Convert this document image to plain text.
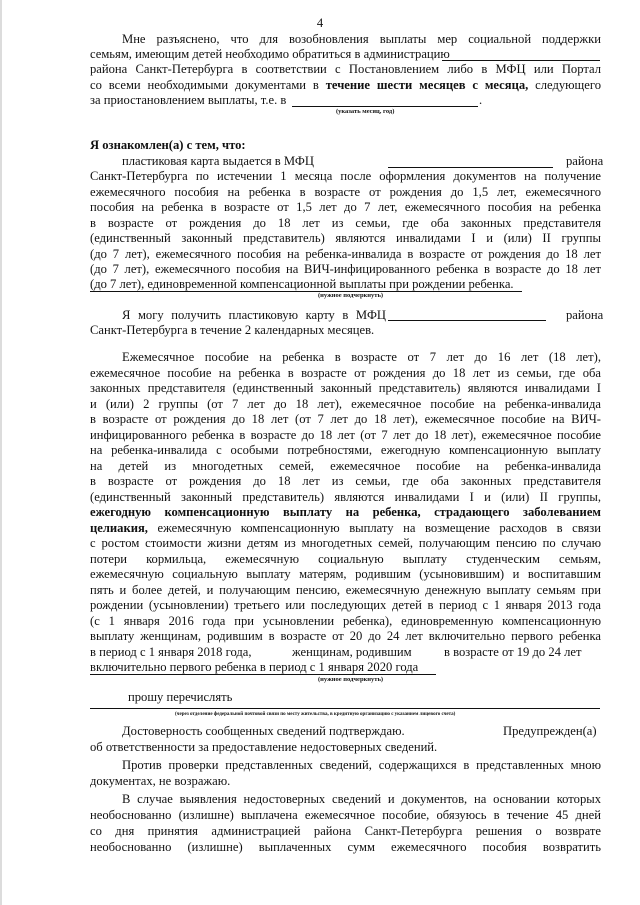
4
Мне разъяснено, что для возобновления выплаты мер социальной поддержки
семьям, имеющим детей необходимо обратиться в администрацию
района Санкт-Петербурга в соответствии с Постановлением либо в МФЦ или Портал
со всеми необходимыми документами в течение шести месяцев с месяца, следующего
за приостановлением выплаты, т.е. в	.
(указать месяц, год)
Я ознакомлен(а) с тем, что:
пластиковая карта выдается в МФЦ	района
Санкт-Петербурга по истечении 1 месяца после оформления документов на получение
ежемесячного пособия на ребенка в возрасте от рождения до 1,5 лет, ежемесячного
пособия на ребенка в возрасте от 1,5 лет до 7 лет, ежемесячного пособия на ребенка
в возрасте от рождения до 18 лет из семьи, где оба законных представителя
(единственный законный представитель) являются инвалидами I и (или) II группы
(до 7 лет), ежемесячного пособия на ребенка-инвалида в возрасте от рождения до 18 лет
(до 7 лет), ежемесячного пособия на ВИЧ-инфицированного ребенка в возрасте до 18 лет
(до 7 лет), единовременной компенсационной выплаты при рождении ребенка.
(нужное подчеркнуть)
Я могу получить пластиковую карту в МФЦ	района
Санкт-Петербурга в течение 2 календарных месяцев.
Ежемесячное пособие на ребенка в возрасте от 7 лет до 16 лет (18 лет),
ежемесячное пособие на ребенка в возрасте от рождения до 18 лет из семьи, где оба
законных представителя (единственный законный представитель) являются инвалидами I
и (или) 2 группы (от 7 лет до 18 лет), ежемесячное пособие на ребенка-инвалида
в возрасте от рождения до 18 лет (от 7 лет до 18 лет), ежемесячное пособие на ВИЧ-
инфицированного ребенка в возрасте до 18 лет (от 7 лет до 18 лет), ежемесячное пособие
на ребенка-инвалида с особыми потребностями, ежегодную компенсационную выплату
на детей из многодетных семей, ежемесячное пособие на ребенка-инвалида
в возрасте от рождения до 18 лет из семьи, где оба законных представителя
(единственный законный представитель) являются инвалидами I и (или) II группы,
ежегодную компенсационную выплату на ребенка, страдающего заболеванием
целиакия, ежемесячную компенсационную выплату на возмещение расходов в связи
с ростом стоимости жизни детям из многодетных семей, получающим пенсию по случаю
потери кормильца, ежемесячную социальную выплату студенческим семьям,
ежемесячную социальную выплату матерям, родившим (усыновившим) и воспитавшим
пять и более детей, и получающим пенсию, ежемесячную денежную выплату семьям при
рождении (усыновлении) третьего или последующих детей в период с 1 января 2013 года
(с 1 января 2016 года при усыновлении ребенка), единовременную компенсационную
выплату женщинам, родившим в возрасте от 20 до 24 лет включительно первого ребенка
в период с 1 января 2018 года,	женщинам, родившим	в возрасте от 19 до 24 лет
включительно первого ребенка в период с 1 января 2020 года
(нужное подчеркнуть)
прошу перечислять
(через отделение федеральной почтовой связи по месту жительства, в кредитную организацию с указанием лицевого счета)
Достоверность сообщенных сведений подтверждаю.	Предупрежден(а)
об ответственности за предоставление недостоверных сведений.
Против проверки представленных сведений, содержащихся в представленных мною
документах, не возражаю.
В случае выявления недостоверных сведений и документов, на основании которых
необоснованно (излишне) выплачена ежемесячное пособие, обязуюсь в течение 45 дней
со дня принятия администрацией района Санкт-Петербурга решения о возврате
необоснованно (излишне) выплаченных сумм ежемесячного пособия возвратить
